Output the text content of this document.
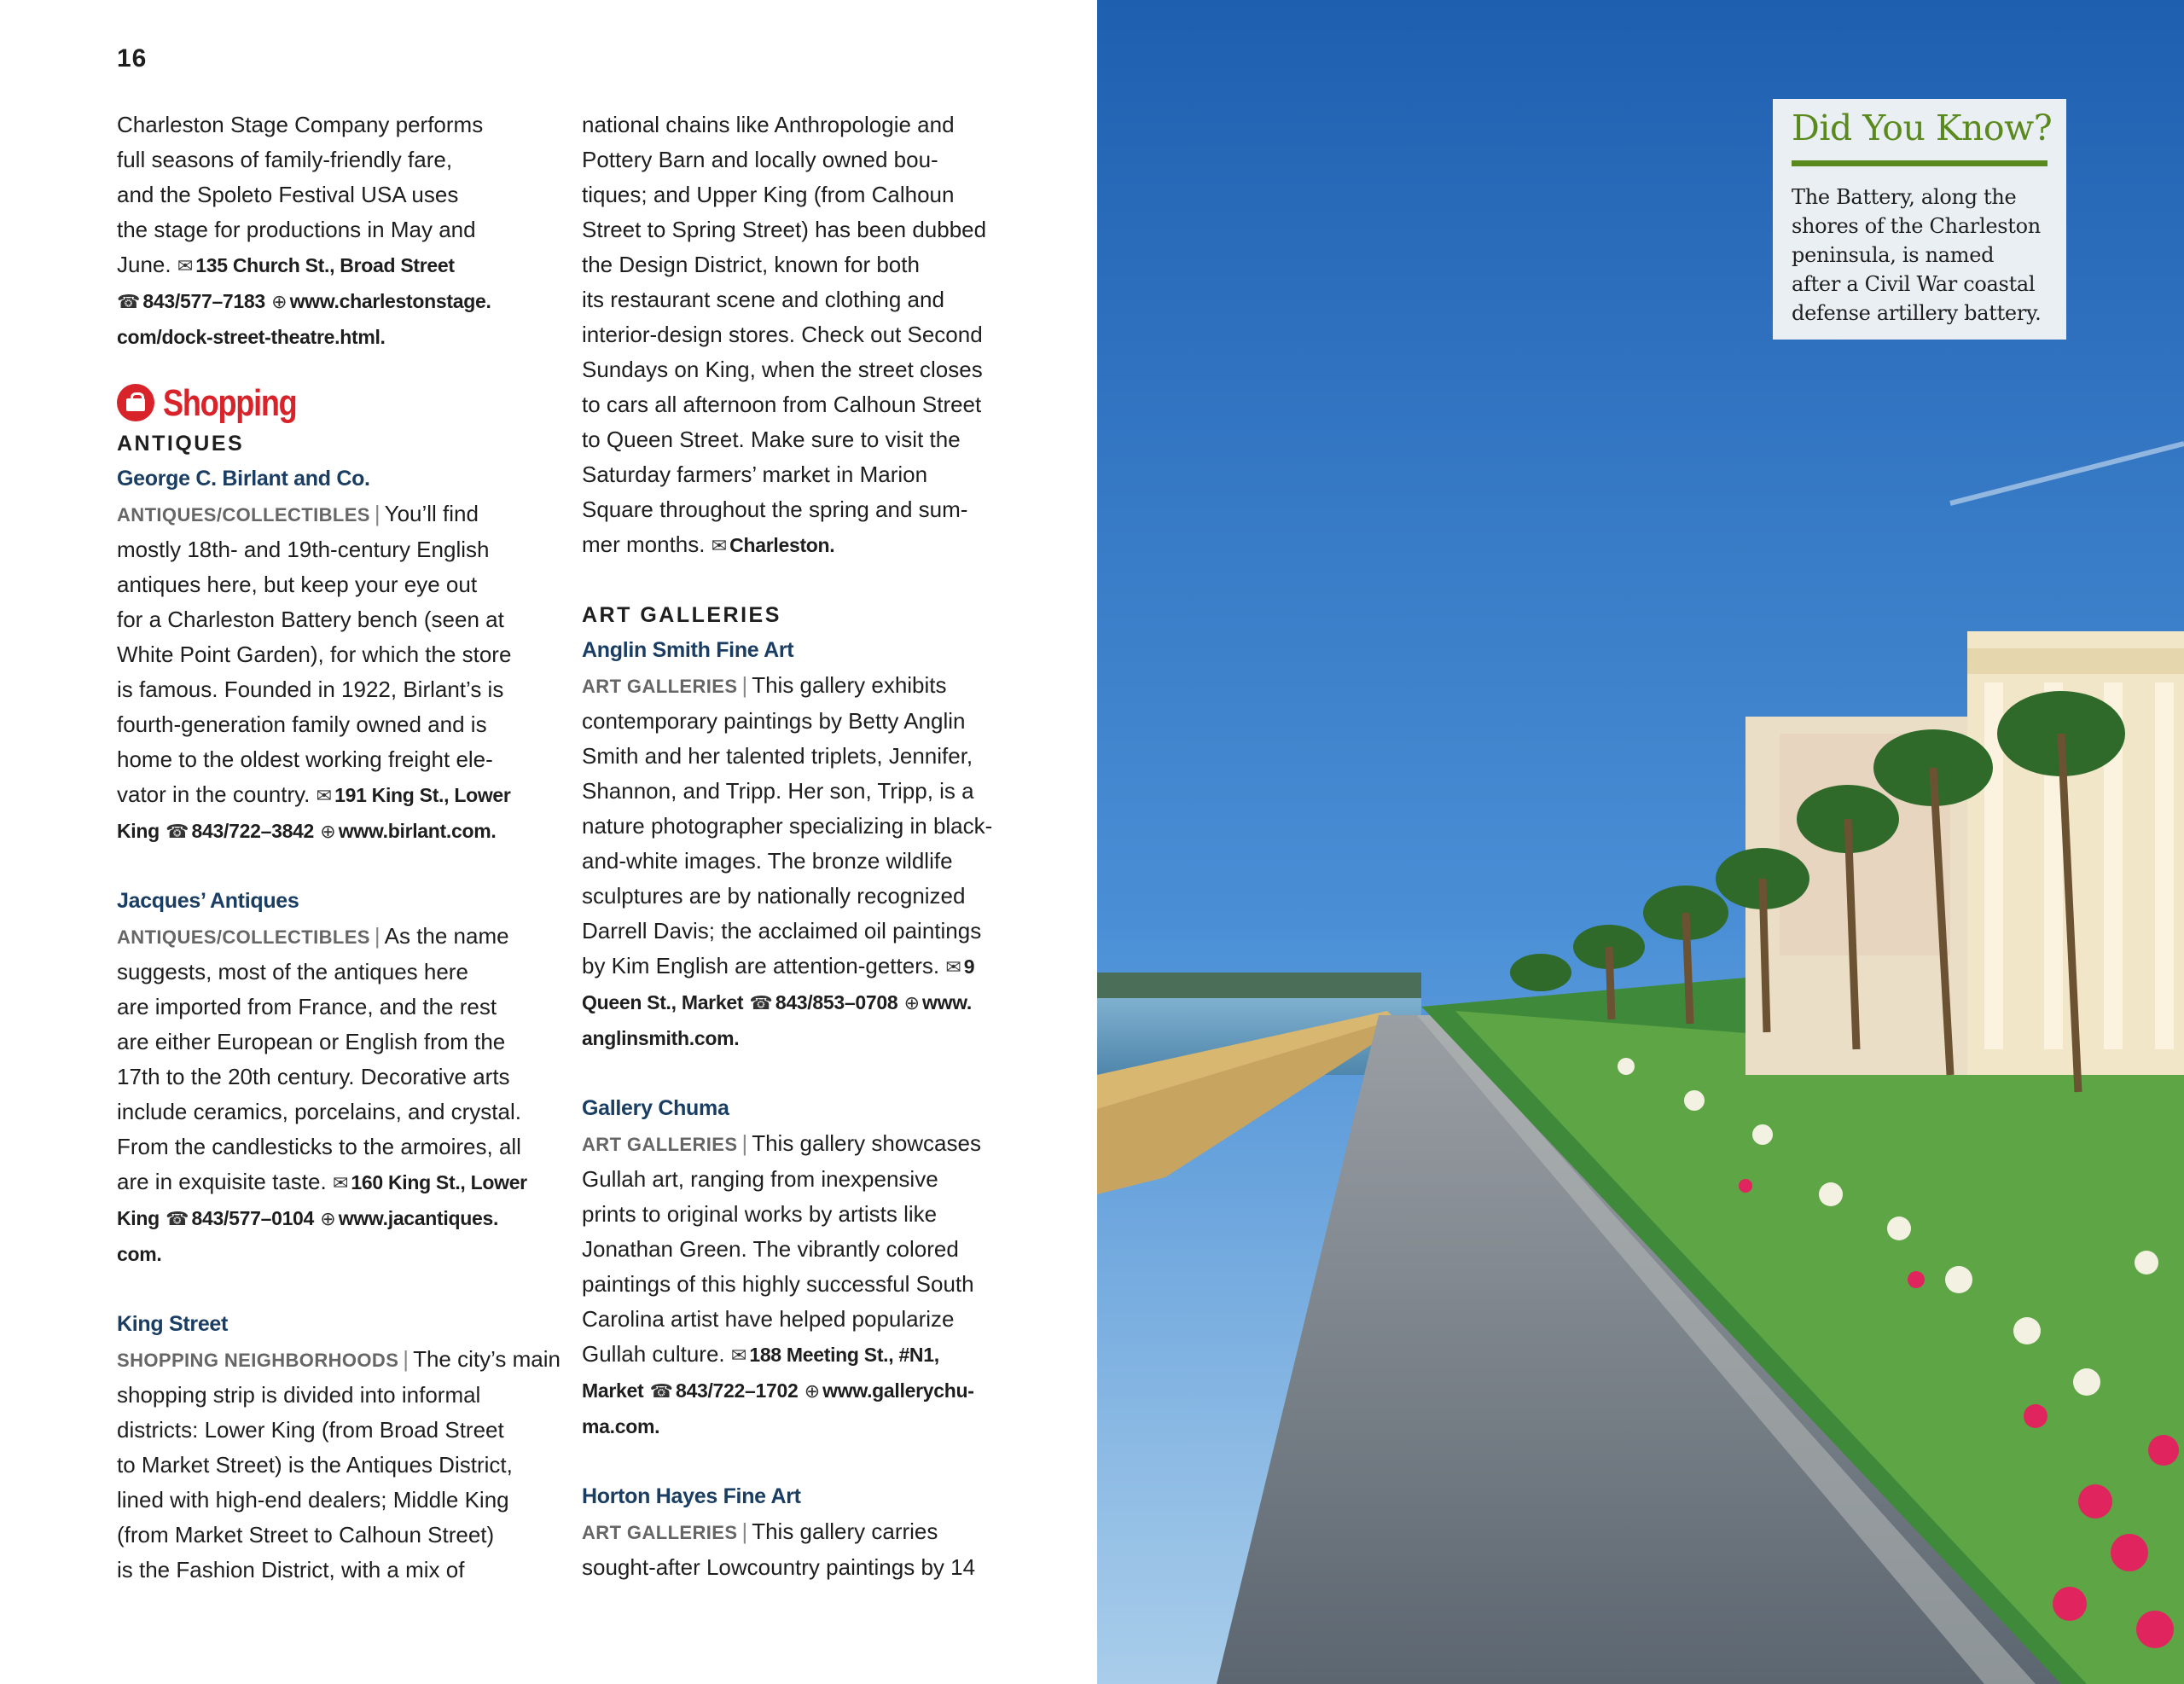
16

Charleston Stage Company performs

full seasons of family-friendly fare,

and the Spoleto Festival USA uses

the stage for productions in May and

June. ✉ 135 Church St., Broad Street

☎ 843/577–7183 ⊕ www.charlestonstage.

com/dock-street-theatre.html.

Shopping

ANTIQUES

George C. Birlant and Co.

ANTIQUES/COLLECTIBLES | You’ll find

mostly 18th- and 19th-century English

antiques here, but keep your eye out

for a Charleston Battery bench (seen at

White Point Garden), for which the store

is famous. Founded in 1922, Birlant’s is

fourth-generation family owned and is

home to the oldest working freight ele-

vator in the country. ✉ 191 King St., Lower

King ☎ 843/722–3842 ⊕ www.birlant.com.

Jacques’ Antiques

ANTIQUES/COLLECTIBLES | As the name

suggests, most of the antiques here

are imported from France, and the rest

are either European or English from the

17th to the 20th century. Decorative arts

include ceramics, porcelains, and crystal.

From the candlesticks to the armoires, all

are in exquisite taste. ✉ 160 King St., Lower

King ☎ 843/577–0104 ⊕ www.jacantiques.

com.

King Street

SHOPPING NEIGHBORHOODS | The city’s main

shopping strip is divided into informal

districts: Lower King (from Broad Street

to Market Street) is the Antiques District,

lined with high-end dealers; Middle King

(from Market Street to Calhoun Street)

is the Fashion District, with a mix of

national chains like Anthropologie and

Pottery Barn and locally owned bou-

tiques; and Upper King (from Calhoun

Street to Spring Street) has been dubbed

the Design District, known for both

its restaurant scene and clothing and

interior-design stores. Check out Second

Sundays on King, when the street closes

to cars all afternoon from Calhoun Street

to Queen Street. Make sure to visit the

Saturday farmers’ market in Marion

Square throughout the spring and sum-

mer months. ✉ Charleston.

ART GALLERIES

Anglin Smith Fine Art

ART GALLERIES | This gallery exhibits

contemporary paintings by Betty Anglin

Smith and her talented triplets, Jennifer,

Shannon, and Tripp. Her son, Tripp, is a

nature photographer specializing in black-

and-white images. The bronze wildlife

sculptures are by nationally recognized

Darrell Davis; the acclaimed oil paintings

by Kim English are attention-getters. ✉ 9

Queen St., Market ☎ 843/853–0708 ⊕ www.

anglinsmith.com.

Gallery Chuma

ART GALLERIES | This gallery showcases

Gullah art, ranging from inexpensive

prints to original works by artists like

Jonathan Green. The vibrantly colored

paintings of this highly successful South

Carolina artist have helped popularize

Gullah culture. ✉ 188 Meeting St., #N1,

Market ☎ 843/722–1702 ⊕ www.gallerychu-

ma.com.

Horton Hayes Fine Art

ART GALLERIES | This gallery carries

sought-after Lowcountry paintings by 14

Did You Know?
The Battery, along the
shores of the Charleston
peninsula, is named
after a Civil War coastal
defense artillery battery.
